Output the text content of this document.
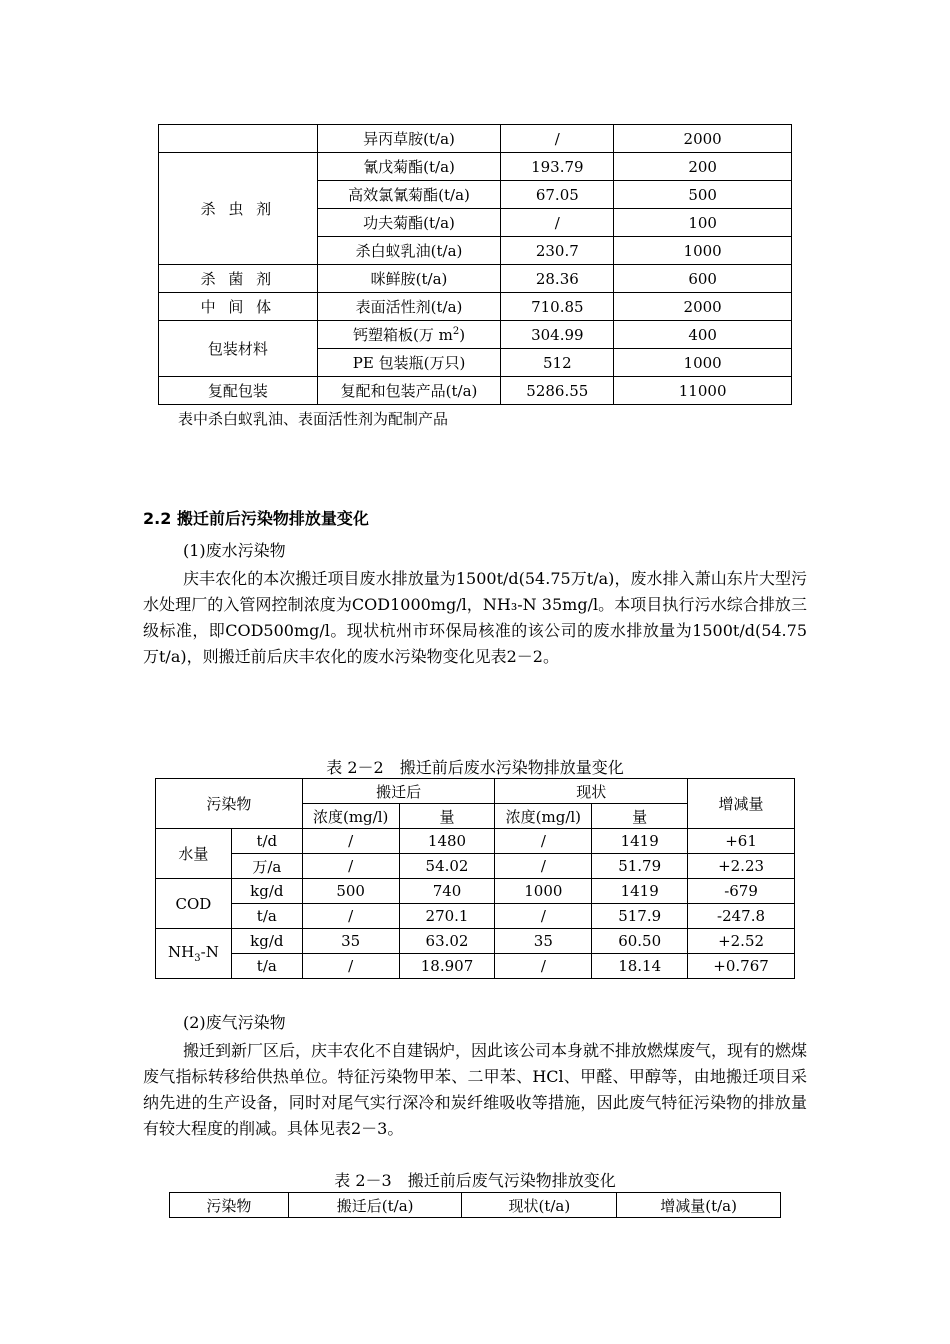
	异丙草胺(t/a)	/	2000
杀 虫 剂	氰戊菊酯(t/a)	193.79	200
	高效氯氰菊酯(t/a)	67.05	500
	功夫菊酯(t/a)	/	100
	杀白蚁乳油(t/a)	230.7	1000
杀 菌 剂	咪鲜胺(t/a)	28.36	600
中 间 体	表面活性剂(t/a)	710.85	2000
包装材料	钙塑箱板(万 $m^2$)	304.99	400
	PE 包装瓶(万只)	512	1000
复配包装	复配和包装产品(t/a)	5286.55	11000
表中杀白蚁乳油、表面活性剂为配制产品
2.2 搬迁前后污染物排放量变化
(1)废水污染物

庆丰农化的本次搬迁项目废水排放量为1500t/d(54.75万t/a)，废水排入萧山东片大型污水处理厂的入管网控制浓度为COD1000mg/l，NH₃-N 35mg/l。本项目执行污水综合排放三级标准，即COD500mg/l。现状杭州市环保局核准的该公司的废水排放量为1500t/d(54.75万t/a)，则搬迁前后庆丰农化的废水污染物变化见表2－2。

表 2－2　搬迁前后废水污染物排放量变化
污染物		搬迁后		现状		增减量
		浓度(mg/l)	量	浓度(mg/l)	量	
水量	t/d	/	1480	/	1419	+61
	万/a	/	54.02	/	51.79	+2.23
COD	kg/d	500	740	1000	1419	-679
	t/a	/	270.1	/	517.9	-247.8
$NH_3-N$	kg/d	35	63.02	35	60.50	+2.52
	t/a	/	18.907	/	18.14	+0.767
(2)废气污染物

搬迁到新厂区后，庆丰农化不自建锅炉，因此该公司本身就不排放燃煤废气，现有的燃煤废气指标转移给供热单位。特征污染物甲苯、二甲苯、HCl、甲醛、甲醇等，由地搬迁项目采纳先进的生产设备，同时对尾气实行深冷和炭纤维吸收等措施，因此废气特征污染物的排放量有较大程度的削减。具体见表2－3。

表 2－3　搬迁前后废气污染物排放变化
污染物	搬迁后(t/a)	现状(t/a)	增减量(t/a)
